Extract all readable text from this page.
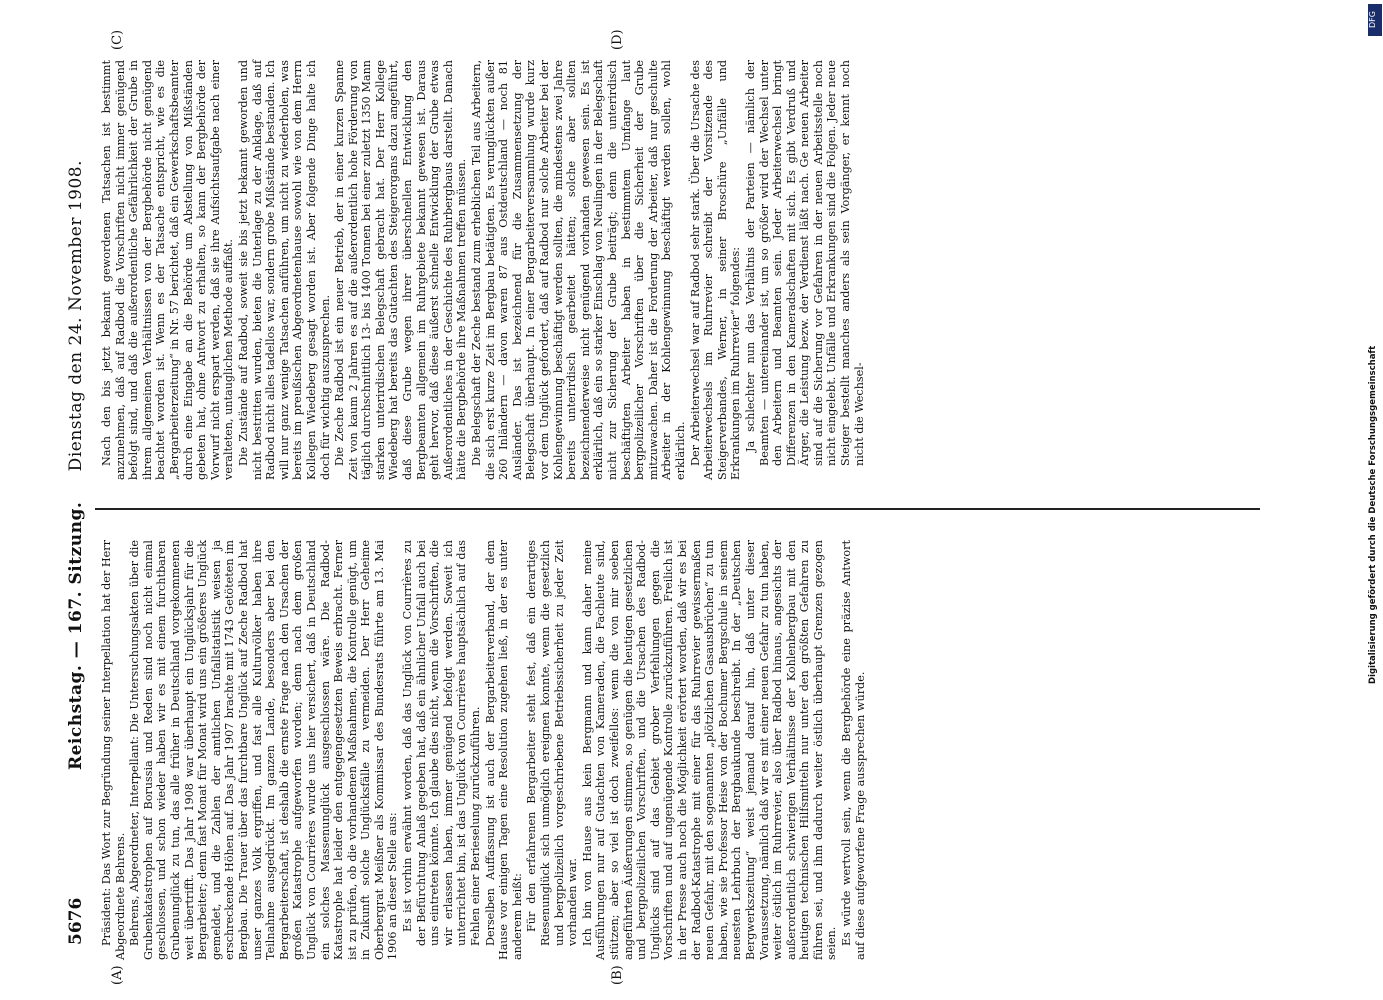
5676
Reichstag. — 167. Sitzung. Dienstag den 24. November 1908.
(A)	(B)
(C)	(D)

Präsident: Das Wort zur Begründung seiner Interpellation hat der Herr Abgeordnete Behrens. Behrens, Abgeordneter, Interpellant: Die Untersuchungsakten über die Grubenkatastrophen auf Borussia und Reden sind noch nicht einmal geschlossen, und schon wieder haben wir es mit einem furchtbaren Grubenunglück zu tun, das alle früher in Deutschland vorgekommenen weit übertrifft. Das Jahr 1908 war überhaupt ein Unglücksjahr für die Bergarbeiter; denn fast Monat für Monat wird uns ein größeres Unglück gemeldet, und die Zahlen der amtlichen Unfallstatistik weisen ja erschreckende Höhen auf. Das Jahr 1907 brachte mit 1743 Getöteten im Bergbau. Die Trauer über das furchtbare Unglück auf Zeche Radbod hat unser ganzes Volk ergriffen, und fast alle Kulturvölker haben ihre Teilnahme ausgedrückt. Im ganzen Lande, besonders aber bei den Bergarbeiterschaft, ist deshalb die ernste Frage nach den Ursachen der großen Katastrophe aufgeworfen worden; denn nach dem großen Unglück von Courrières wurde uns hier versichert, daß in Deutschland ein solches Massenunglück ausgeschlossen wäre. Die Radbod-Katastrophe hat leider den entgegengesetzten Beweis erbracht. Ferner ist zu prüfen, ob die vorhandenen Maßnahmen, die Kontrolle genügt, um in Zukunft solche Unglücksfälle zu vermeiden. Der Herr Geheime Oberbergrat Meißner als Kommissar des Bundesrats führte am 13. Mai 1906 an dieser Stelle aus: Es ist vorhin erwähnt worden, daß das Unglück von Courrières zu der Befürchtung Anlaß gegeben hat, daß ein ähnlicher Unfall auch bei uns eintreten könnte. Ich glaube dies nicht, wenn die Vorschriften, die wir erlassen haben, immer genügend befolgt werden. Soweit ich unterrichtet bin, ist das Unglück von Courrières hauptsächlich auf das Fehlen einer Berieselung zurückzuführen. Derselben Auffassung ist auch der Bergarbeiterverband, der dem Hause vor einigen Tagen eine Resolution zugehen ließ, in der es unter anderem heißt: Für den erfahrenen Bergarbeiter steht fest, daß ein derartiges Riesenunglück sich unmöglich ereignen konnte, wenn die gesetzlich und bergpolizeilich vorgeschriebene Betriebssicherheit zu jeder Zeit vorhanden war. Ich bin von Hause aus kein Bergmann und kann daher meine Ausführungen nur auf Gutachten von Kameraden, die Fachleute sind, stützen; aber so viel ist doch zweifellos: wenn die von mir soeben angeführten Äußerungen stimmen, so genügen die heutigen gesetzlichen und bergpolizeilichen Vorschriften, und die Ursachen des Radbod-Unglücks sind auf das Gebiet grober Verfehlungen gegen die Vorschriften und auf ungenügende Kontrolle zurückzuführen. Freilich ist in der Presse auch noch die Möglichkeit erörtert worden, daß wir es bei der Radbod-Katastrophe mit einer für das Ruhrrevier gewissermaßen neuen Gefahr, mit den sogenannten „plötzlichen Gasausbrüchen“ zu tun haben, wie sie Professor Heise von der Bochumer Bergschule in seinem neuesten Lehrbuch der Bergbaukunde beschreibt. In der „Deutschen Bergwerkszeitung“ weist jemand darauf hin, daß unter dieser Voraussetzung, nämlich daß wir es mit einer neuen Gefahr zu tun haben, weiter östlich im Ruhrrevier, also über Radbod hinaus, angesichts der außerordentlich schwierigen Verhältnisse der Kohlenbergbau mit den heutigen technischen Hilfsmitteln nur unter den größten Gefahren zu führen sei, und ihm dadurch weiter östlich überhaupt Grenzen gezogen seien. Es würde wertvoll sein, wenn die Bergbehörde eine präzise Antwort auf diese aufgeworfene Frage aussprechen würde.

Nach den bis jetzt bekannt gewordenen Tatsachen ist bestimmt anzunehmen, daß auf Radbod die Vorschriften nicht immer genügend befolgt sind, und daß die außerordentliche Gefährlichkeit der Grube in ihrem allgemeinen Verhältnissen von der Bergbehörde nicht genügend beachtet worden ist. Wenn es der Tatsache entspricht, wie es die „Bergarbeiterzeitung“ in Nr. 57 berichtet, daß ein Gewerkschaftsbeamter durch eine Eingabe an die Behörde um Abstellung von Mißständen gebeten hat, ohne Antwort zu erhalten, so kann der Bergbehörde der Vorwurf nicht erspart werden, daß sie ihre Aufsichtsaufgabe nach einer veralteten, untauglichen Methode auffaßt. Die Zustände auf Radbod, soweit sie bis jetzt bekannt geworden und nicht bestritten wurden, bieten die Unterlage zu der Anklage, daß auf Radbod nicht alles tadellos war, sondern grobe Mißstände bestanden. Ich will nur ganz wenige Tatsachen anführen, um nicht zu wiederholen, was bereits im preußischen Abgeordnetenhause sowohl wie von dem Herrn Kollegen Wiedeberg gesagt worden ist. Aber folgende Dinge halte ich doch für wichtig auszusprechen. Die Zeche Radbod ist ein neuer Betrieb, der in einer kurzen Spanne Zeit von kaum 2 Jahren es auf die außerordentlich hohe Förderung von täglich durchschnittlich 13- bis 1400 Tonnen bei einer zuletzt 1350 Mann starken unterirdischen Belegschaft gebracht hat. Der Herr Kollege Wiedeberg hat bereits das Gutachten des Steigerorgans dazu angeführt, daß diese Grube wegen ihrer überschnellen Entwicklung den Bergbeamten allgemein im Ruhrgebiete bekannt gewesen ist. Daraus geht hervor, daß diese äußerst schnelle Entwicklung der Grube etwas Außerordentliches in der Geschichte des Ruhrbergbaus darstellt. Danach hätte die Bergbehörde ihre Maßnahmen treffen müssen. Die Belegschaft der Zeche bestand zum erheblichen Teil aus Arbeitern, die sich erst kurze Zeit im Bergbau betätigten. Es verunglückten außer 260 Inländern — davon waren 87 aus Ostdeutschland — noch 81 Ausländer. Das ist bezeichnend für die Zusammensetzung der Belegschaft überhaupt. In einer Bergarbeiterversammlung wurde kurz vor dem Unglück gefordert, daß auf Radbod nur solche Arbeiter bei der Kohlengewinnung beschäftigt werden sollten, die mindestens zwei Jahre bereits unterirdisch gearbeitet hätten; solche aber sollten bezeichnenderweise nicht genügend vorhanden gewesen sein. Es ist erklärlich, daß ein so starker Einschlag von Neulingen in der Belegschaft nicht zur Sicherung der Grube beiträgt; denn die unterirdisch beschäftigten Arbeiter haben in bestimmtem Umfange laut bergpolizeilicher Vorschriften über die Sicherheit der Grube mitzuwachen. Daher ist die Forderung der Arbeiter, daß nur geschulte Arbeiter in der Kohlengewinnung beschäftigt werden sollen, wohl erklärlich. Der Arbeiterwechsel war auf Radbod sehr stark. Über die Ursache des Arbeiterwechsels im Ruhrrevier schreibt der Vorsitzende des Steigerverbandes, Werner, in seiner Broschüre „Unfälle und Erkrankungen im Ruhrrevier“ folgendes: Ja schlechter nun das Verhältnis der Parteien — nämlich der Beamten — untereinander ist, um so größer wird der Wechsel unter den Arbeitern und Beamten sein. Jeder Arbeiterwechsel bringt Differenzen in den Kameradschaften mit sich. Es gibt Verdruß und Ärger, die Leistung bezw. der Verdienst läßt nach. Ge neuen Arbeiter sind auf die Sicherung vor Gefahren in der neuen Arbeitsstelle noch nicht eingelebt. Unfälle und Erkrankungen sind die Folgen. Jeder neue Steiger bestellt manches anders als sein Vorgänger, er kennt noch nicht die Wechsel-

DFG
Digitalisierung gefördert durch die Deutsche Forschungsgemeinschaft
